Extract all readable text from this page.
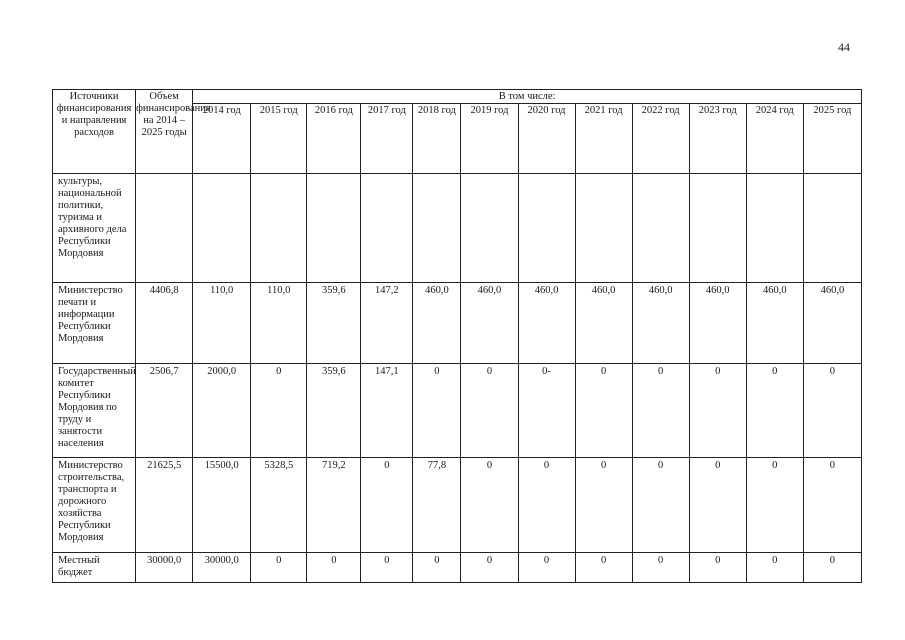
44
Источники финансирования и направления расходов	Объем финансирования на 2014 – 2025 годы	В том числе:											
		2014 год	2015 год	2016 год	2017 год	2018 год	2019 год	2020 год	2021 год	2022 год	2023 год	2024 год	2025 год
культуры, национальной политики, туризма и архивного дела Республики Мордовия													
Министерство печати и информации Республики Мордовия	4406,8	110,0	110,0	359,6	147,2	460,0	460,0	460,0	460,0	460,0	460,0	460,0	460,0
Государственный комитет Республики Мордовия по труду и занятости населения	2506,7	2000,0	0	359,6	147,1	0	0	0-	0	0	0	0	0
Министерство строительства, транспорта и дорожного хозяйства Республики Мордовия	21625,5	15500,0	5328,5	719,2	0	77,8	0	0	0	0	0	0	0
Местный бюджет	30000,0	30000,0	0	0	0	0	0	0	0	0	0	0	0
